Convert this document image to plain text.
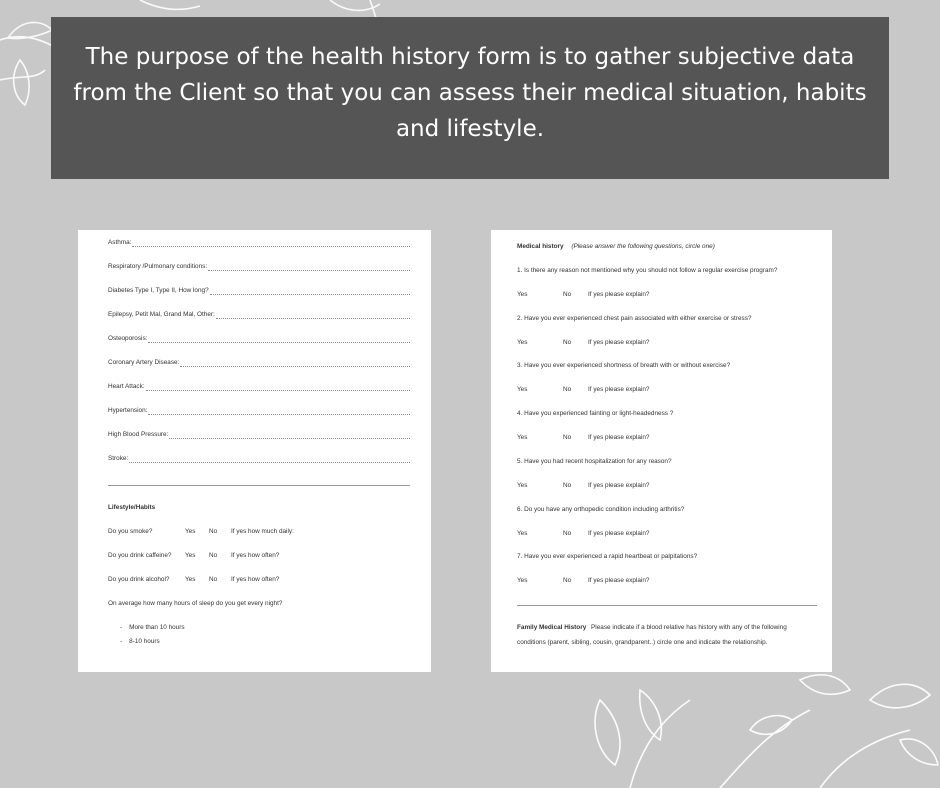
The purpose of the health history form is to gather subjective data from the Client so that you can assess their medical situation, habits and lifestyle.
Asthma:
Respiratory /Pulmonary conditions:
Diabetes Type I, Type II, How long?
Epilepsy, Petit Mal, Grand Mal, Other:
Osteoporosis:
Coronary Artery Disease:
Heart Attack:
Hypertension:
High Blood Pressure:
Stroke:
Lifestyle/Habits
Do you smoke?	Yes No If yes how much daily:
Do you drink caffeine? Yes No If yes how often?
Do you drink alcohol? Yes No If yes how often?
On average how many hours of sleep do you get every night?
- More than 10 hours
- 8-10 hours
Medical history (Please answer the following questions, circle one)
1. Is there any reason not mentioned why you should not follow a regular exercise program?
Yes	No	If yes please explain?
2. Have you ever experienced chest pain associated with either exercise or stress?
Yes	No	If yes please explain?
3. Have you ever experienced shortness of breath with or without exercise?
Yes	No	If yes please explain?
4. Have you experienced fainting or light-headedness ?
Yes	No	If yes please explain?
5. Have you had recent hospitalization for any reason?
Yes	No	If yes please explain?
6. Do you have any orthopedic condition including arthritis?
Yes	No	If yes please explain?
7. Have you ever experienced a rapid heartbeat or palpitations?
Yes	No	If yes please explain?
Family Medical History Please indicate if a blood relative has history with any of the following
conditions (parent, sibling, cousin, grandparent..) circle one and indicate the relationship.
